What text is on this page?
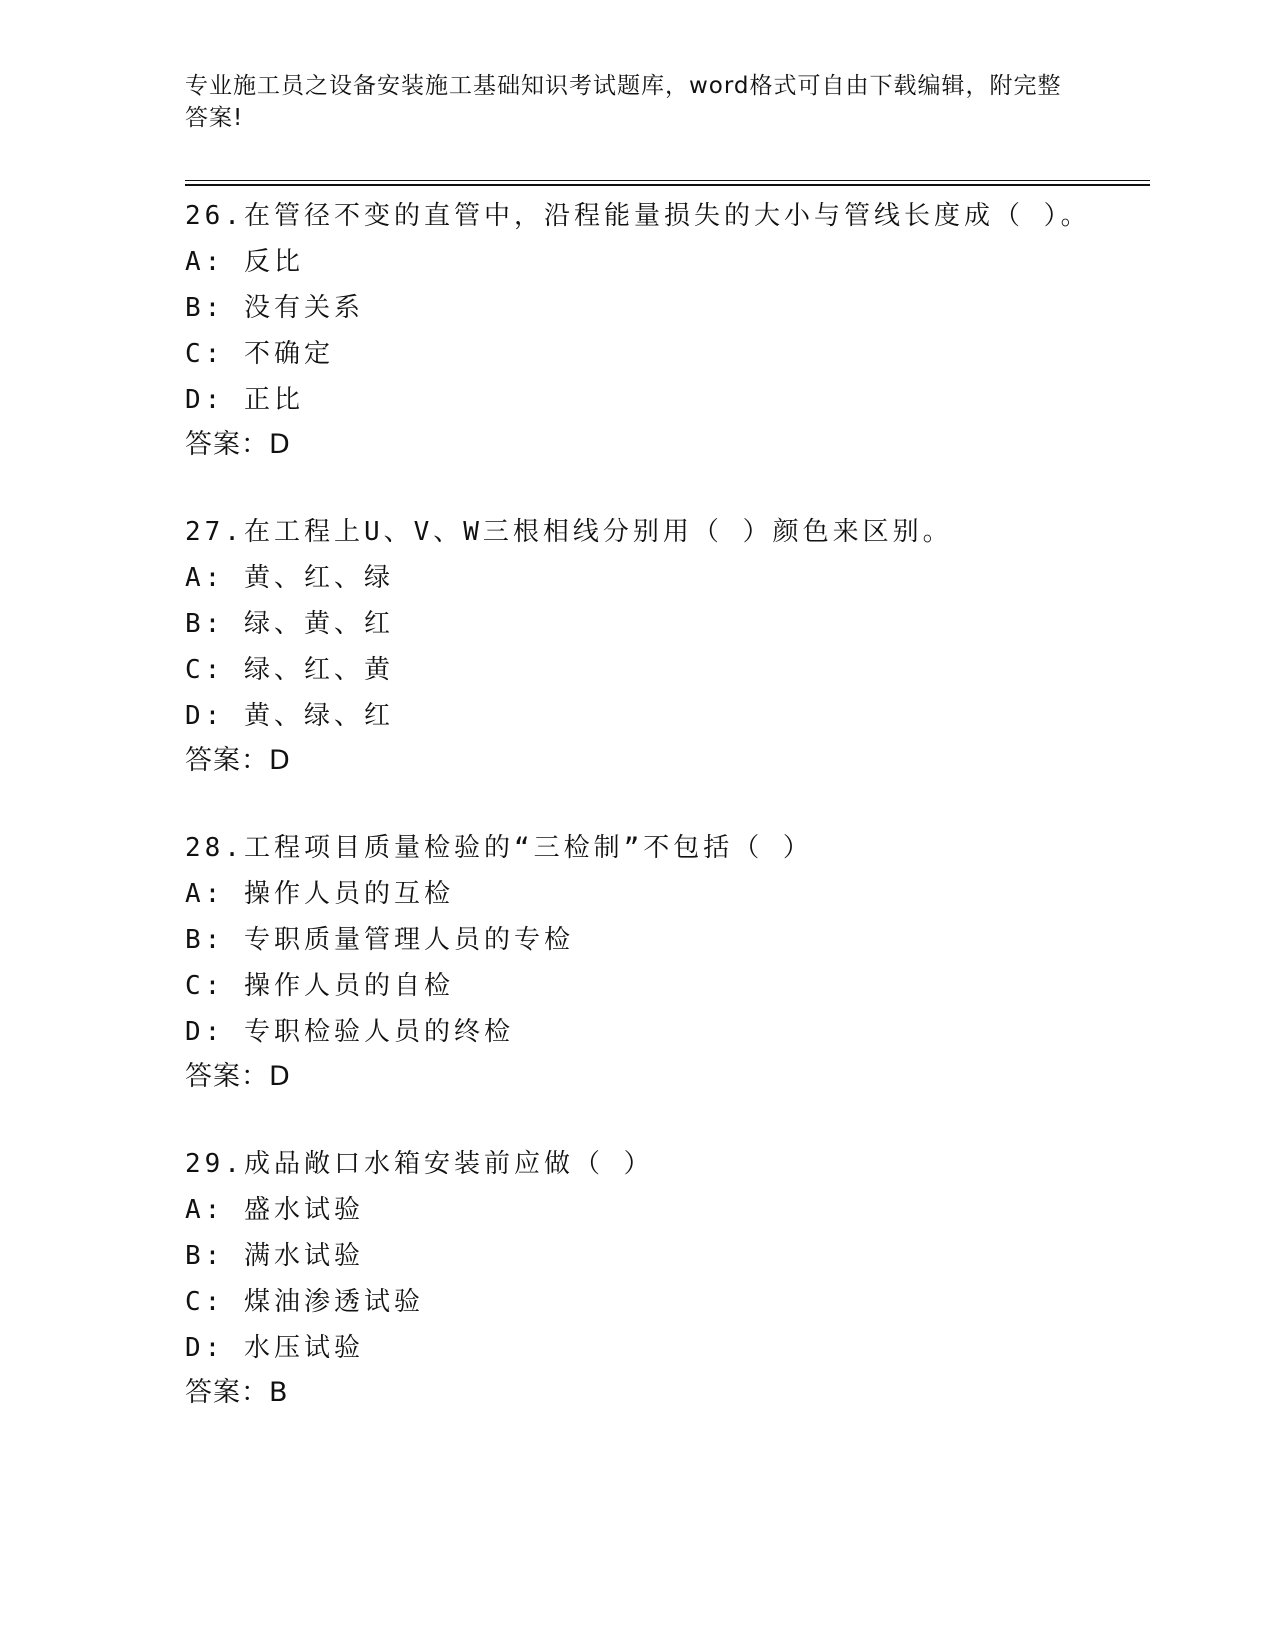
专业施工员之设备安装施工基础知识考试题库，word格式可自由下载编辑，附完整答案!
26.在管径不变的直管中，沿程能量损失的大小与管线长度成（ ）。
A: 反比
B: 没有关系
C: 不确定
D: 正比
答案：D
27.在工程上U、V、W三根相线分别用（ ）颜色来区别。
A: 黄、红、绿
B: 绿、黄、红
C: 绿、红、黄
D: 黄、绿、红
答案：D
28.工程项目质量检验的“三检制”不包括（ ）
A: 操作人员的互检
B: 专职质量管理人员的专检
C: 操作人员的自检
D: 专职检验人员的终检
答案：D
29.成品敞口水箱安装前应做（ ）
A: 盛水试验
B: 满水试验
C: 煤油渗透试验
D: 水压试验
答案：B
